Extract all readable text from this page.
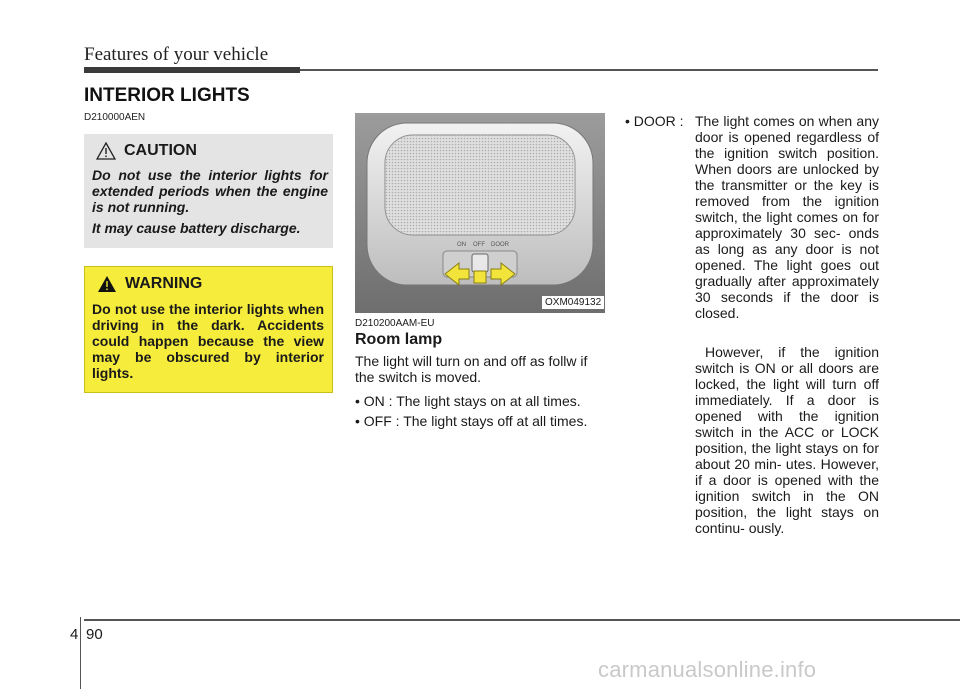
Features of your vehicle
INTERIOR LIGHTS
D210000AEN
CAUTION
Do not use the interior lights for extended periods when the engine is not running.
It may cause battery discharge.
WARNING
Do not use the interior lights when driving in the dark. Accidents could happen because the view may be obscured by interior lights.
ON OFF DOOR
OXM049132
D210200AAM-EU
Room lamp
The light will turn on and off as follw if the switch is moved.
• ON : The light stays on at all times.
• OFF : The light stays off at all times.
• DOOR : The light comes on when any door is opened regardless of the ignition switch position. When doors are unlocked by the transmitter or the key is removed from the ignition switch, the light comes on for approximately 30 sec- onds as long as any door is not opened. The light goes out gradually after approximately 30 seconds if the door is closed.
However, if the ignition switch is ON or all doors are locked, the light will turn off immediately. If a door is opened with the ignition switch in the ACC or LOCK position, the light stays on for about 20 min- utes. However, if a door is opened with the ignition switch in the ON position, the light stays on continu- ously.
4 90
carmanualsonline.info
